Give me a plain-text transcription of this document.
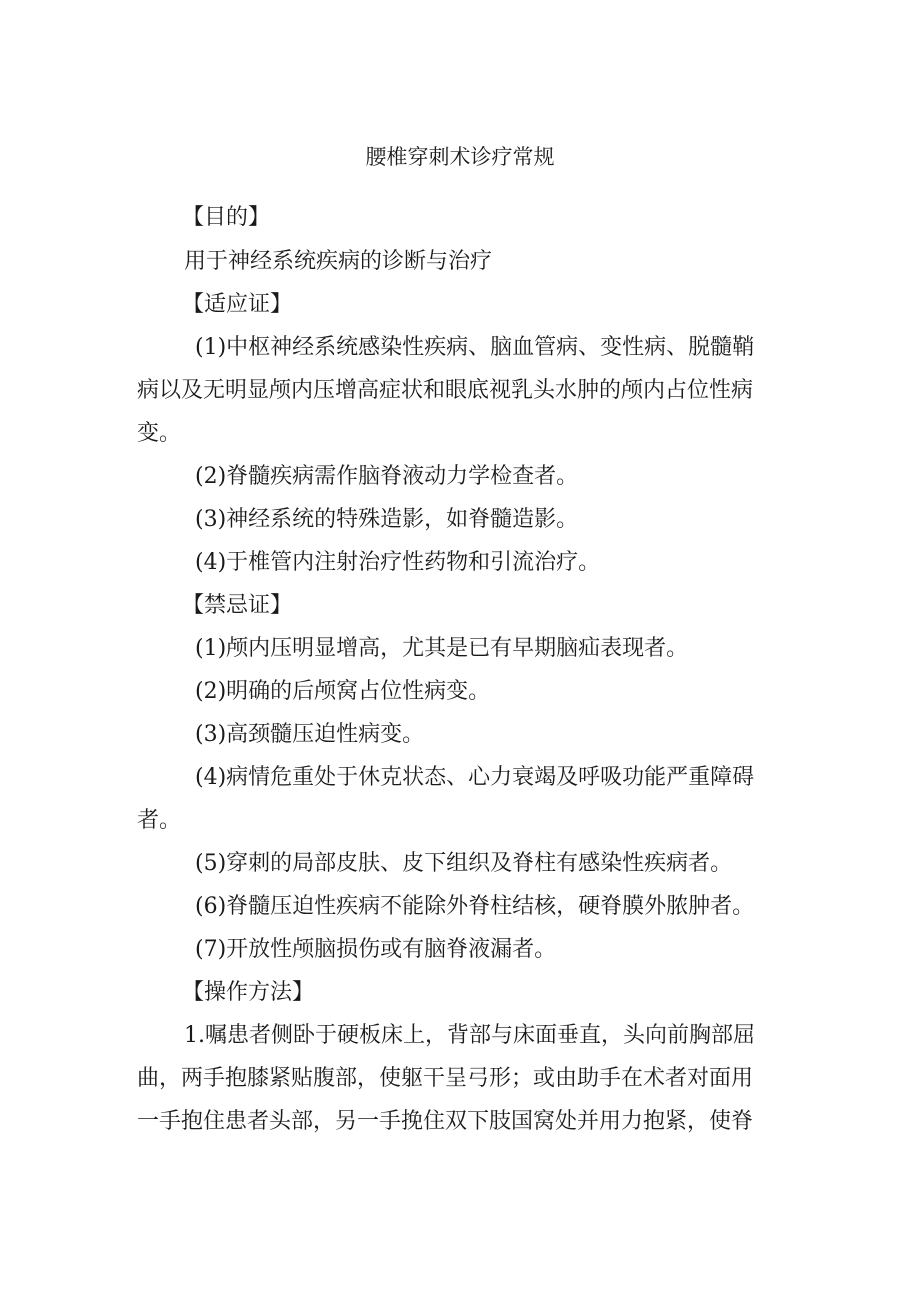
腰椎穿刺术诊疗常规
【目的】
用于神经系统疾病的诊断与治疗
【适应证】
(1)中枢神经系统感染性疾病、脑血管病、变性病、脱髓鞘
病以及无明显颅内压增高症状和眼底视乳头水肿的颅内占位性病
变。
(2)脊髓疾病需作脑脊液动力学检查者。
(3)神经系统的特殊造影，如脊髓造影。
(4)于椎管内注射治疗性药物和引流治疗。
【禁忌证】
(1)颅内压明显增高，尤其是已有早期脑疝表现者。
(2)明确的后颅窝占位性病变。
(3)高颈髓压迫性病变。
(4)病情危重处于休克状态、心力衰竭及呼吸功能严重障碍
者。
(5)穿刺的局部皮肤、皮下组织及脊柱有感染性疾病者。
(6)脊髓压迫性疾病不能除外脊柱结核，硬脊膜外脓肿者。
(7)开放性颅脑损伤或有脑脊液漏者。
【操作方法】
1.嘱患者侧卧于硬板床上，背部与床面垂直，头向前胸部屈
曲，两手抱膝紧贴腹部，使躯干呈弓形；或由助手在术者对面用
一手抱住患者头部，另一手挽住双下肢国窝处并用力抱紧，使脊
